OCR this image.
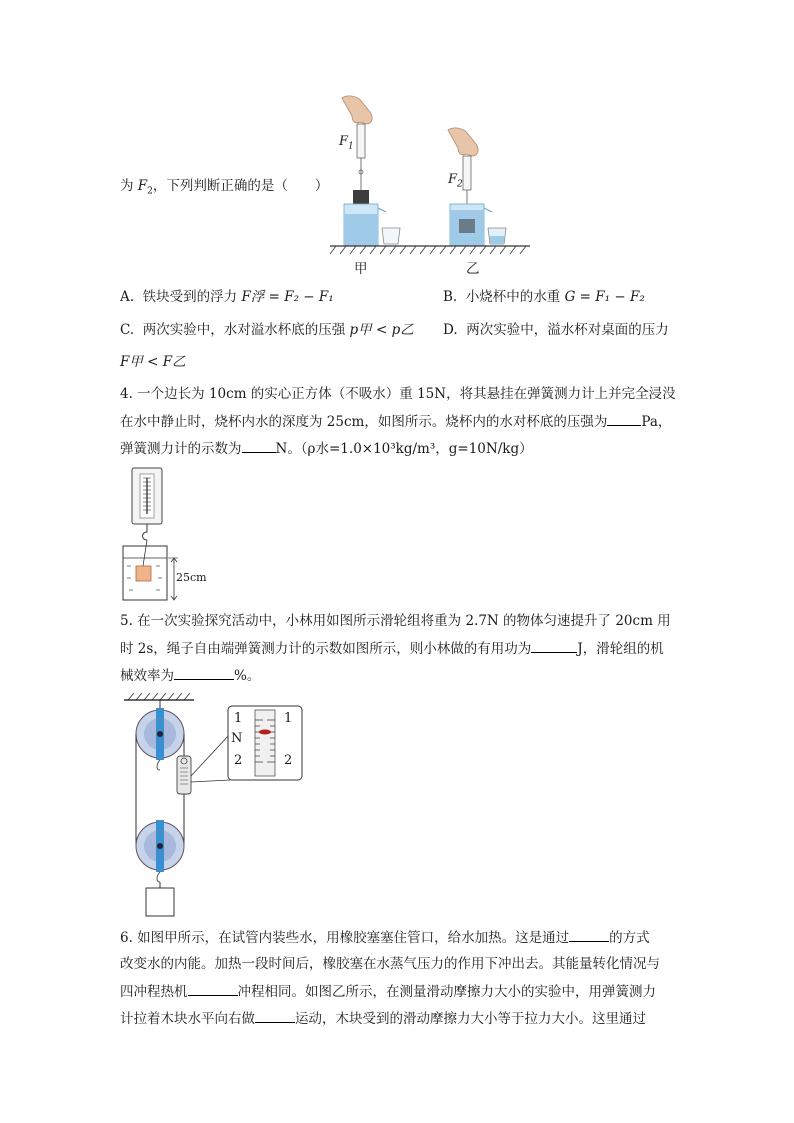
$F_1$
$F_2$
甲	乙
为 $F_2$，下列判断正确的是（　　）
A. 铁块受到的浮力 F浮 = F₂ − F₁	B. 小烧杯中的水重 G = F₁ − F₂
C. 两次实验中，水对溢水杯底的压强 p甲 < p乙 D. 两次实验中，溢水杯对桌面的压力
F甲 < F乙
4. 一个边长为 10cm 的实心正方体（不吸水）重 15N，将其悬挂在弹簧测力计上并完全浸没
在水中静止时，烧杯内水的深度为 25cm，如图所示。烧杯内的水对杯底的压强为	Pa，
弹簧测力计的示数为	N。（ρ水=1.0×10³kg/m³，g=10N/kg）
25cm
5. 在一次实验探究活动中，小林用如图所示滑轮组将重为 2.7N 的物体匀速提升了 20cm 用
时 2s，绳子自由端弹簧测力计的示数如图所示，则小林做的有用功为	J，滑轮组的机
械效率为	%。
1	1
N
2	2
6. 如图甲所示，在试管内装些水，用橡胶塞塞住管口，给水加热。这是通过	的方式
改变水的内能。加热一段时间后，橡胶塞在水蒸气压力的作用下冲出去。其能量转化情况与
四冲程热机	冲程相同。如图乙所示，在测量滑动摩擦力大小的实验中，用弹簧测力
计拉着木块水平向右做	运动，木块受到的滑动摩擦力大小等于拉力大小。这里通过
